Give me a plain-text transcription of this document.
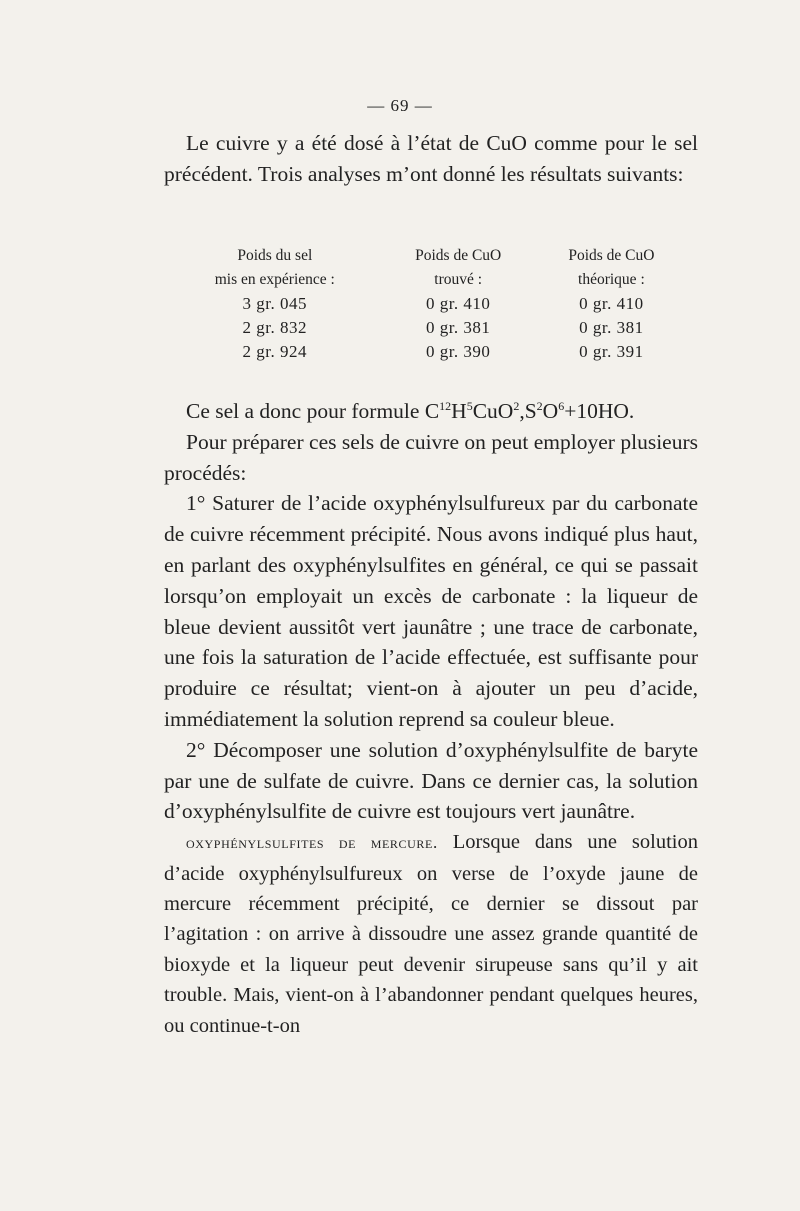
— 69 —

Le cuivre y a été dosé à l’état de CuO comme pour le sel précédent. Trois analyses m’ont donné les résultats suivants:

Poids du sel	Poids de CuO	Poids de CuO
mis en expérience :	trouvé :	théorique :
3 gr. 045	0 gr. 410	0 gr. 410
2 gr. 832	0 gr. 381	0 gr. 381
2 gr. 924	0 gr. 390	0 gr. 391

Ce sel a donc pour formule $C^{12}H^5CuO^2,S^2O^6+10HO$.

Pour préparer ces sels de cuivre on peut employer plusieurs procédés:

1° Saturer de l’acide oxyphénylsulfureux par du carbonate de cuivre récemment précipité. Nous avons indiqué plus haut, en parlant des oxyphénylsulfites en général, ce qui se passait lorsqu’on employait un excès de carbonate : la liqueur de bleue devient aussitôt vert jaunâtre ; une trace de carbonate, une fois la saturation de l’acide effectuée, est suffisante pour produire ce résultat; vient-on à ajouter un peu d’acide, immédiatement la solution reprend sa couleur bleue.

2° Décomposer une solution d’oxyphénylsulfite de baryte par une de sulfate de cuivre. Dans ce dernier cas, la solution d’oxyphénylsulfite de cuivre est toujours vert jaunâtre.

oxyphénylsulfites de mercure. Lorsque dans une solution d’acide oxyphénylsulfureux on verse de l’oxyde jaune de mercure récemment précipité, ce dernier se dissout par l’agitation : on arrive à dissoudre une assez grande quantité de bioxyde et la liqueur peut devenir sirupeuse sans qu’il y ait trouble. Mais, vient-on à l’abandonner pendant quelques heures, ou continue-t-on
